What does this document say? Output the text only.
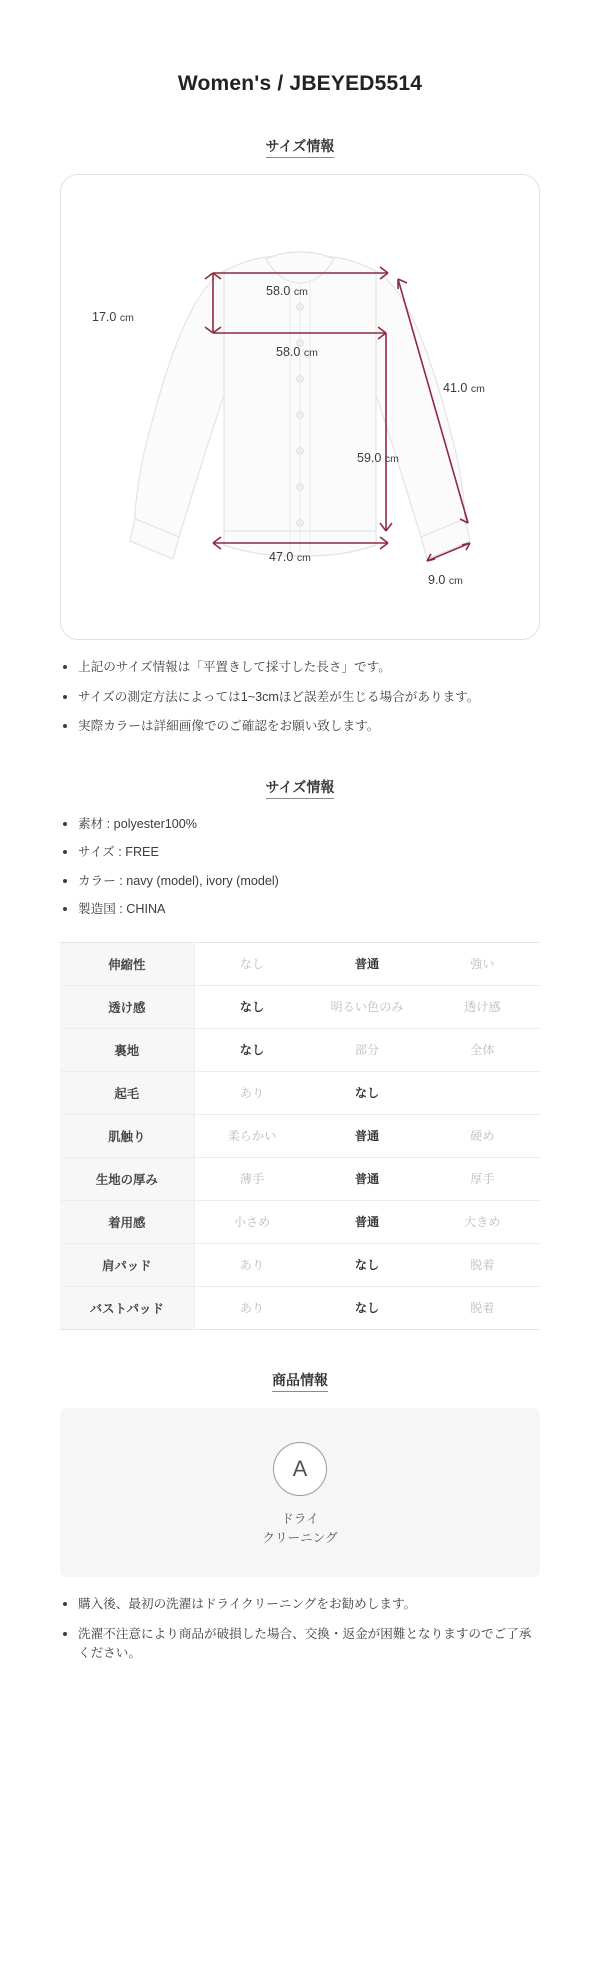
Women's / JBEYED5514
サイズ情報
17.0 cm
58.0 cm
58.0 cm
41.0 cm
59.0 cm
47.0 cm
9.0 cm
上記のサイズ情報は「平置きして採寸した長さ」です。
サイズの測定方法によっては1~3cmほど誤差が生じる場合があります。
実際カラーは詳細画像でのご確認をお願い致します。
サイズ情報
素材 : polyester100%
サイズ : FREE
カラー : navy (model), ivory (model)
製造国 : CHINA
伸縮性	なし	普通	強い
透け感	なし	明るい色のみ	透け感
裏地	なし	部分	全体
起毛	あり	なし	
肌触り	柔らかい	普通	硬め
生地の厚み	薄手	普通	厚手
着用感	小さめ	普通	大きめ
肩パッド	あり	なし	脱着
バストパッド	あり	なし	脱着
商品情報
A
ドライ
クリーニング
購入後、最初の洗濯はドライクリーニングをお勧めします。
洗濯不注意により商品が破損した場合、交換・返金が困難となりますのでご了承ください。
